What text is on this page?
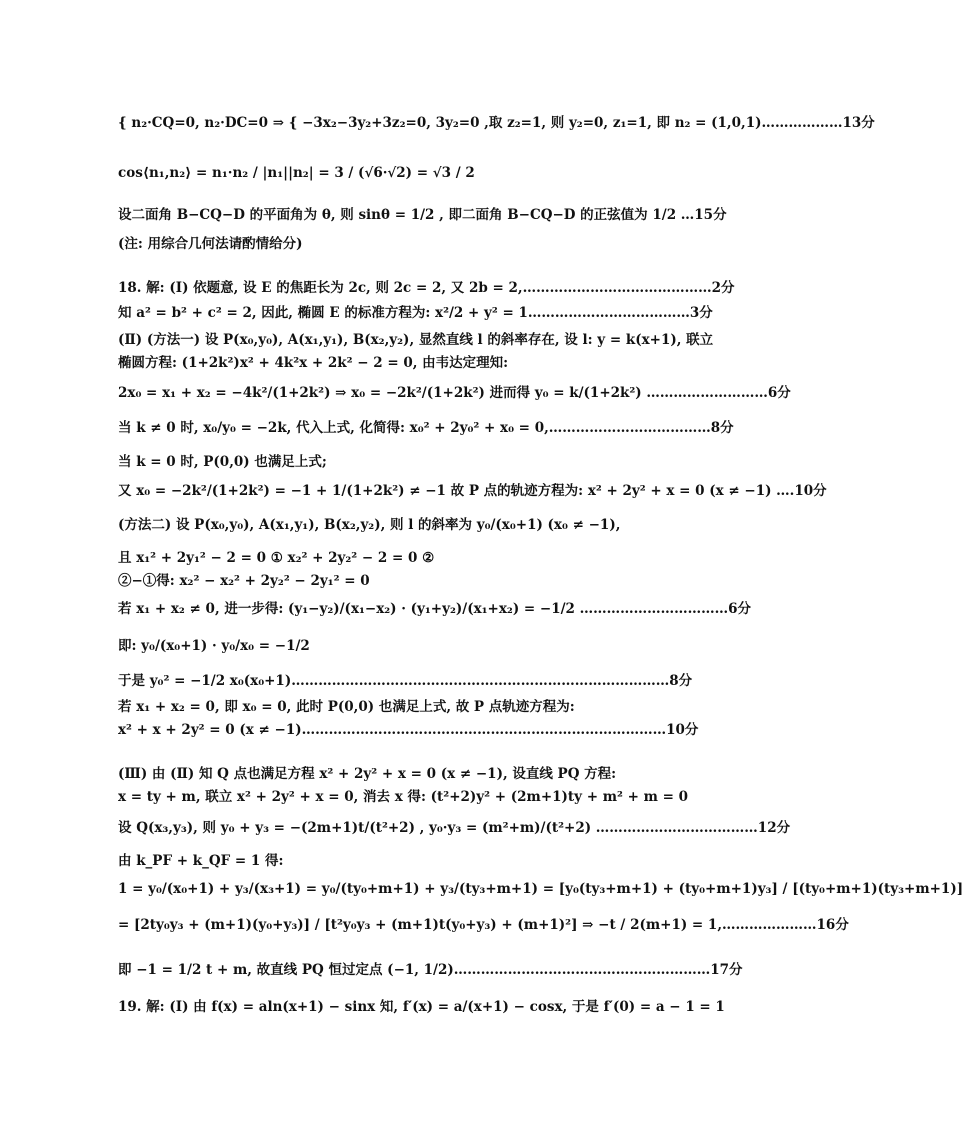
{ n₂·CQ=0, n₂·DC=0 ⇒ { −3x₂−3y₂+3z₂=0, 3y₂=0 ,取 z₂=1, 则 y₂=0, z₁=1, 即 n₂ = (1,0,1)………………13分
cos⟨n₁,n₂⟩ = n₁·n₂ / |n₁||n₂| = 3 / (√6·√2) = √3 / 2
设二面角 B−CQ−D 的平面角为 θ, 则 sinθ = 1/2 , 即二面角 B−CQ−D 的正弦值为 1/2 …15分
(注: 用综合几何法请酌情给分)
18. 解: (Ⅰ) 依题意, 设 E 的焦距长为 2c, 则 2c = 2, 又 2b = 2,……………………………………2分
知 a² = b² + c² = 2, 因此, 椭圆 E 的标准方程为: x²/2 + y² = 1………………………………3分
(Ⅱ) (方法一) 设 P(x₀,y₀), A(x₁,y₁), B(x₂,y₂), 显然直线 l 的斜率存在, 设 l: y = k(x+1), 联立
椭圆方程: (1+2k²)x² + 4k²x + 2k² − 2 = 0, 由韦达定理知:
2x₀ = x₁ + x₂ = −4k²/(1+2k²) ⇒ x₀ = −2k²/(1+2k²) 进而得 y₀ = k/(1+2k²) ………………………6分
当 k ≠ 0 时, x₀/y₀ = −2k, 代入上式, 化简得: x₀² + 2y₀² + x₀ = 0,………………………………8分
当 k = 0 时, P(0,0) 也满足上式;
又 x₀ = −2k²/(1+2k²) = −1 + 1/(1+2k²) ≠ −1 故 P 点的轨迹方程为: x² + 2y² + x = 0 (x ≠ −1) ….10分
(方法二) 设 P(x₀,y₀), A(x₁,y₁), B(x₂,y₂), 则 l 的斜率为 y₀/(x₀+1) (x₀ ≠ −1),
且 x₁² + 2y₁² − 2 = 0 ① x₂² + 2y₂² − 2 = 0 ②
②−①得: x₂² − x₂² + 2y₂² − 2y₁² = 0
若 x₁ + x₂ ≠ 0, 进一步得: (y₁−y₂)/(x₁−x₂) · (y₁+y₂)/(x₁+x₂) = −1/2 ……………………………6分
即: y₀/(x₀+1) · y₀/x₀ = −1/2
于是 y₀² = −1/2 x₀(x₀+1)…………………………………………………………………………8分
若 x₁ + x₂ = 0, 即 x₀ = 0, 此时 P(0,0) 也满足上式, 故 P 点轨迹方程为:
x² + x + 2y² = 0 (x ≠ −1)………………………………………………………………………10分
(Ⅲ) 由 (Ⅱ) 知 Q 点也满足方程 x² + 2y² + x = 0 (x ≠ −1), 设直线 PQ 方程:
x = ty + m, 联立 x² + 2y² + x = 0, 消去 x 得: (t²+2)y² + (2m+1)ty + m² + m = 0
设 Q(x₃,y₃), 则 y₀ + y₃ = −(2m+1)t/(t²+2) , y₀·y₃ = (m²+m)/(t²+2) ………………………………12分
由 k_PF + k_QF = 1 得:
1 = y₀/(x₀+1) + y₃/(x₃+1) = y₀/(ty₀+m+1) + y₃/(ty₃+m+1) = [y₀(ty₃+m+1) + (ty₀+m+1)y₃] / [(ty₀+m+1)(ty₃+m+1)]
= [2ty₀y₃ + (m+1)(y₀+y₃)] / [t²y₀y₃ + (m+1)t(y₀+y₃) + (m+1)²] ⇒ −t / 2(m+1) = 1,…………………16分
即 −1 = 1/2 t + m, 故直线 PQ 恒过定点 (−1, 1/2)…………………………………………………17分
19. 解: (Ⅰ) 由 f(x) = aln(x+1) − sinx 知, f′(x) = a/(x+1) − cosx, 于是 f′(0) = a − 1 = 1
